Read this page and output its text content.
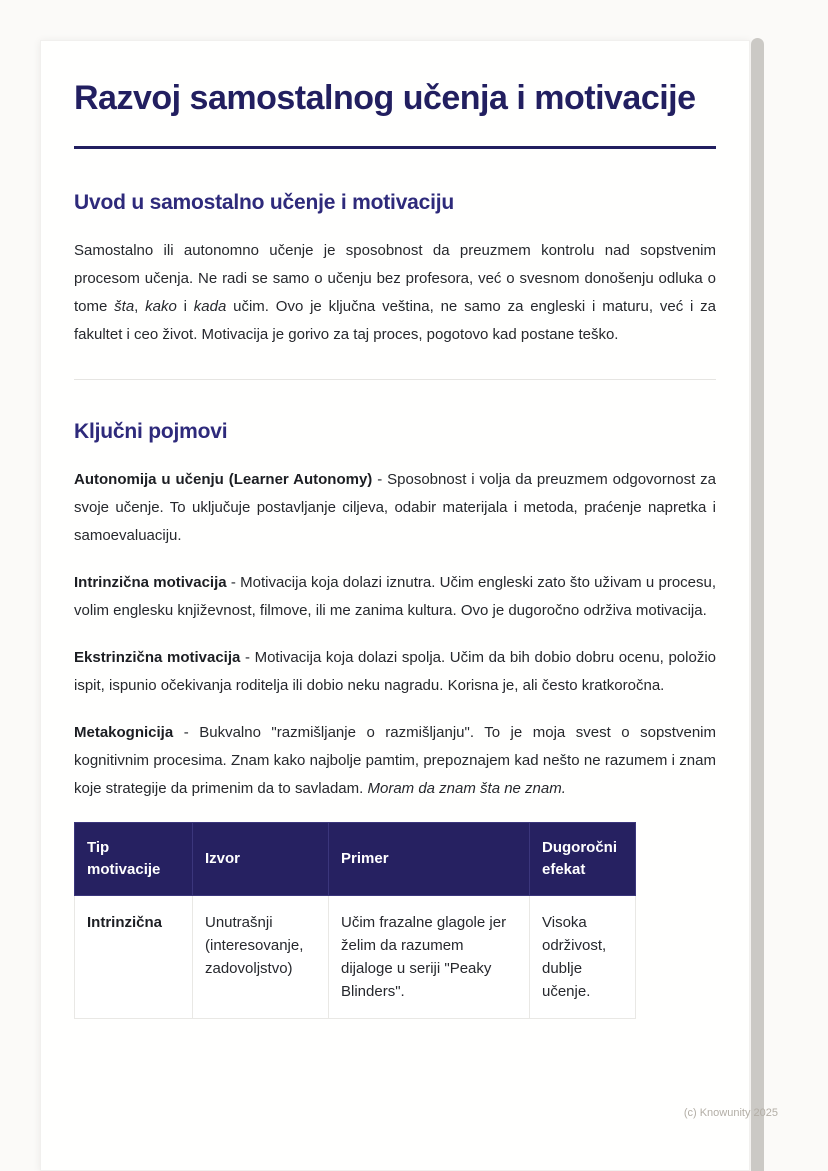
Razvoj samostalnog učenja i motivacije
Uvod u samostalno učenje i motivaciju

Samostalno ili autonomno učenje je sposobnost da preuzmem kontrolu nad sopstvenim procesom učenja. Ne radi se samo o učenju bez profesora, već o svesnom donošenju odluka o tome šta, kako i kada učim. Ovo je ključna veština, ne samo za engleski i maturu, već i za fakultet i ceo život. Motivacija je gorivo za taj proces, pogotovo kad postane teško.

Ključni pojmovi

Autonomija u učenju (Learner Autonomy) - Sposobnost i volja da preuzmem odgovornost za svoje učenje. To uključuje postavljanje ciljeva, odabir materijala i metoda, praćenje napretka i samoevaluaciju.

Intrinzična motivacija - Motivacija koja dolazi iznutra. Učim engleski zato što uživam u procesu, volim englesku književnost, filmove, ili me zanima kultura. Ovo je dugoročno održiva motivacija.

Ekstrinzična motivacija - Motivacija koja dolazi spolja. Učim da bih dobio dobru ocenu, položio ispit, ispunio očekivanja roditelja ili dobio neku nagradu. Korisna je, ali često kratkoročna.

Metakognicija - Bukvalno "razmišljanje o razmišljanju". To je moja svest o sopstvenim kognitivnim procesima. Znam kako najbolje pamtim, prepoznajem kad nešto ne razumem i znam koje strategije da primenim da to savladam. Moram da znam šta ne znam.

Tip motivacije	Izvor	Primer	Dugoročni efekat
Intrinzična	Unutrašnji (interesovanje, zadovoljstvo)	Učim frazalne glagole jer želim da razumem dijaloge u seriji "Peaky Blinders".	Visoka održivost, dublje učenje.
(c) Knowunity 2025
